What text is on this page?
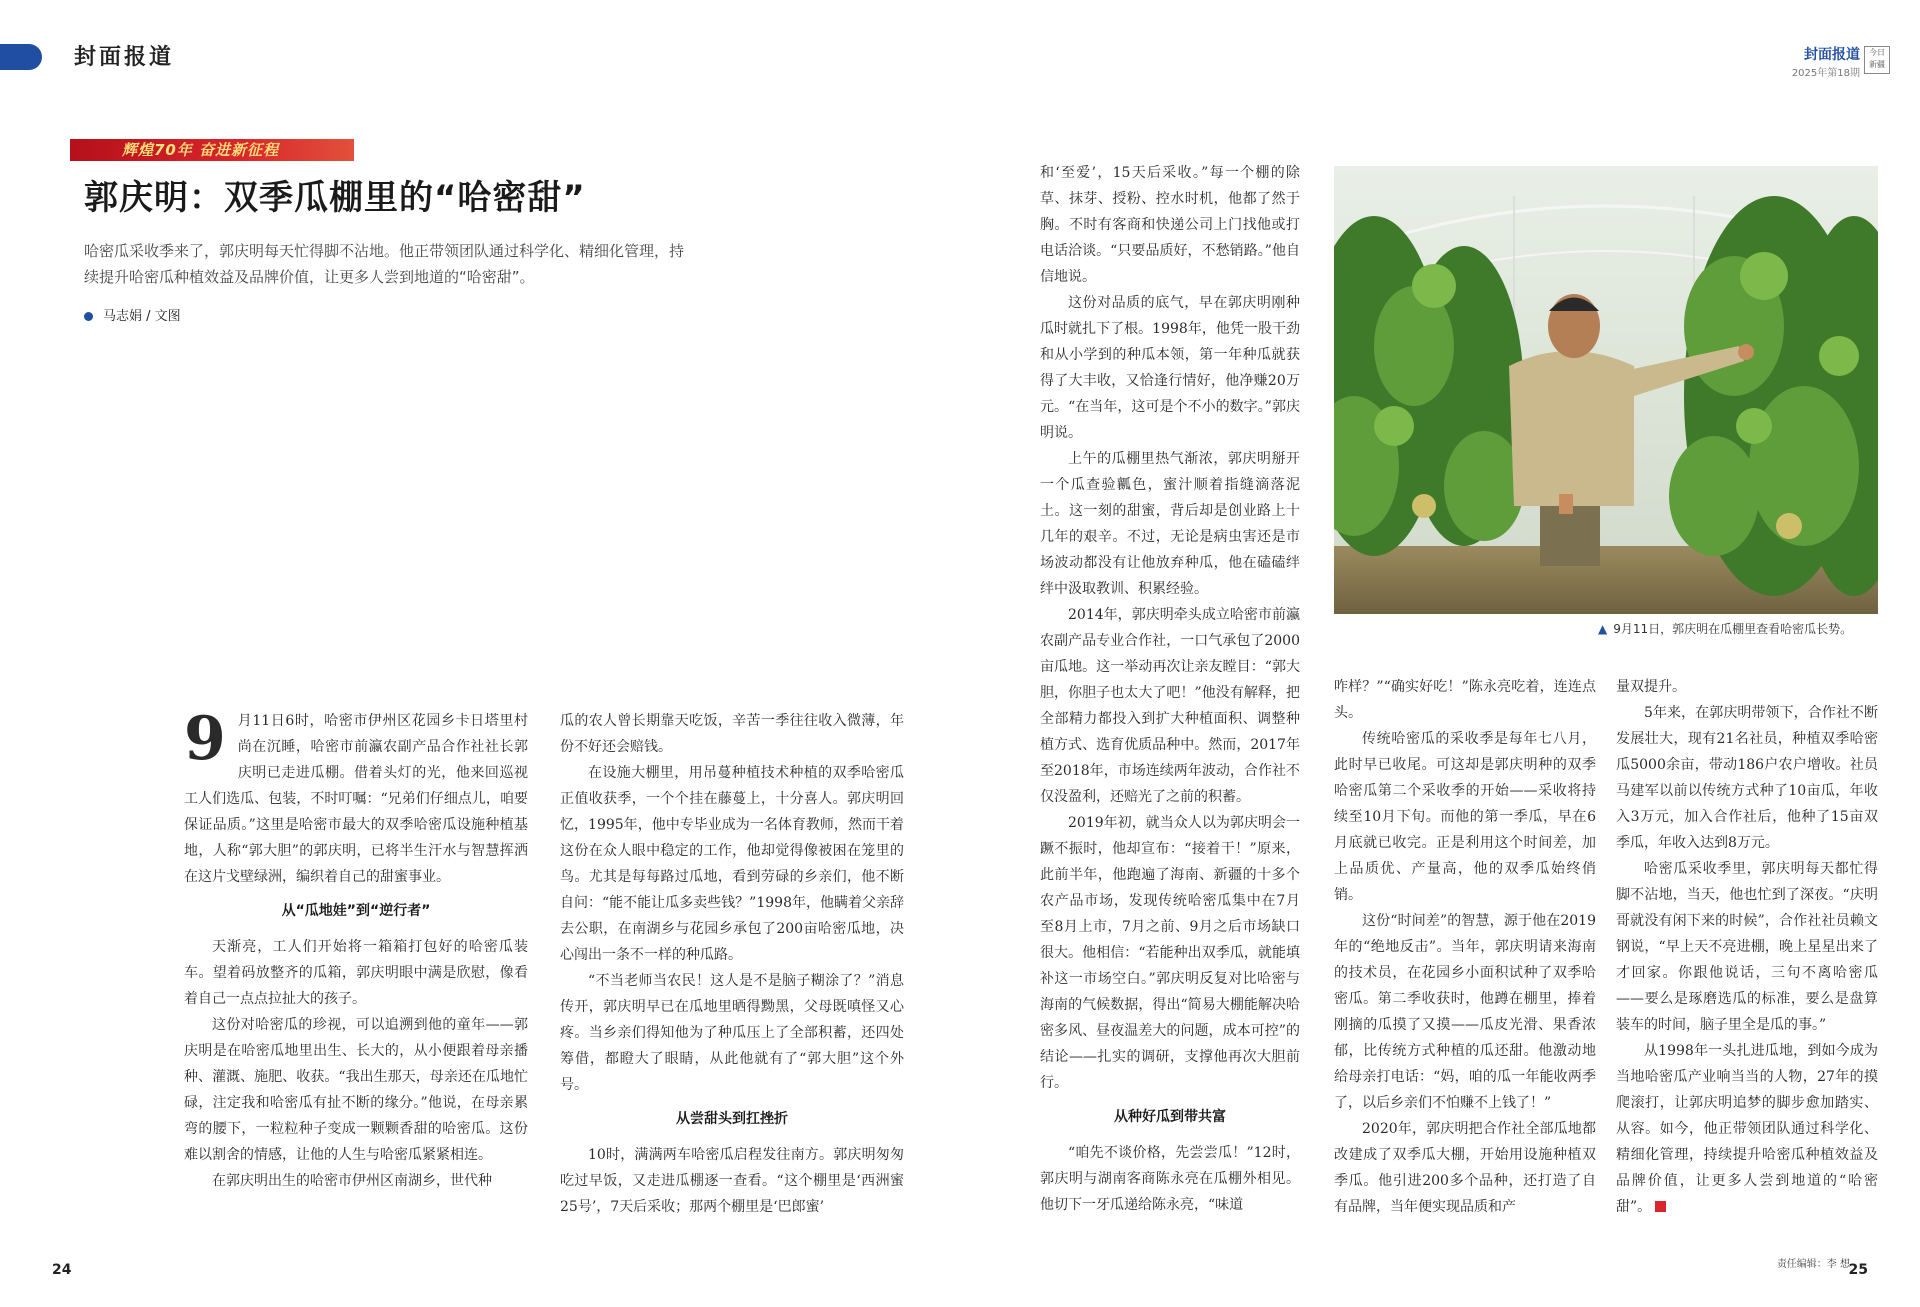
封面报道	封面报道
2025年第18期
今日
新疆
辉煌70年 奋进新征程
郭庆明：双季瓜棚里的“哈密甜”
哈密瓜采收季来了，郭庆明每天忙得脚不沾地。他正带领团队通过科学化、精细化管理，持续提升哈密瓜种植效益及品牌价值，让更多人尝到地道的“哈密甜”。
马志娟 / 文图
9 月11日6时，哈密市伊州区花园乡卡日塔里村尚在沉睡，哈密市前瀛农副产品合作社社长郭庆明已走进瓜棚。借着头灯的光，他来回巡视工人们选瓜、包装，不时叮嘱：“兄弟们仔细点儿，咱要保证品质。”这里是哈密市最大的双季哈密瓜设施种植基地，人称“郭大胆”的郭庆明，已将半生汗水与智慧挥洒在这片戈壁绿洲，编织着自己的甜蜜事业。

从“瓜地娃”到“逆行者”

天渐亮，工人们开始将一箱箱打包好的哈密瓜装车。望着码放整齐的瓜箱，郭庆明眼中满是欣慰，像看着自己一点点拉扯大的孩子。

这份对哈密瓜的珍视，可以追溯到他的童年——郭庆明是在哈密瓜地里出生、长大的，从小便跟着母亲播种、灌溉、施肥、收获。“我出生那天，母亲还在瓜地忙碌，注定我和哈密瓜有扯不断的缘分。”他说，在母亲累弯的腰下，一粒粒种子变成一颗颗香甜的哈密瓜。这份难以割舍的情感，让他的人生与哈密瓜紧紧相连。

在郭庆明出生的哈密市伊州区南湖乡，世代种

瓜的农人曾长期靠天吃饭，辛苦一季往往收入微薄，年份不好还会赔钱。

在设施大棚里，用吊蔓种植技术种植的双季哈密瓜正值收获季，一个个挂在藤蔓上，十分喜人。郭庆明回忆，1995年，他中专毕业成为一名体育教师，然而干着这份在众人眼中稳定的工作，他却觉得像被困在笼里的鸟。尤其是每每路过瓜地，看到劳碌的乡亲们，他不断自问：“能不能让瓜多卖些钱？”1998年，他瞒着父亲辞去公职，在南湖乡与花园乡承包了200亩哈密瓜地，决心闯出一条不一样的种瓜路。

“不当老师当农民！这人是不是脑子糊涂了？”消息传开，郭庆明早已在瓜地里晒得黝黑，父母既嗔怪又心疼。当乡亲们得知他为了种瓜压上了全部积蓄，还四处筹借，都瞪大了眼睛，从此他就有了“郭大胆”这个外号。

从尝甜头到扛挫折

10时，满满两车哈密瓜启程发往南方。郭庆明匆匆吃过早饭，又走进瓜棚逐一查看。“这个棚里是‘西洲蜜25号’，7天后采收；那两个棚里是‘巴郎蜜’

和‘至爱’，15天后采收。”每一个棚的除草、抹芽、授粉、控水时机，他都了然于胸。不时有客商和快递公司上门找他或打电话洽谈。“只要品质好，不愁销路。”他自信地说。

这份对品质的底气，早在郭庆明刚种瓜时就扎下了根。1998年，他凭一股干劲和从小学到的种瓜本领，第一年种瓜就获得了大丰收，又恰逢行情好，他净赚20万元。“在当年，这可是个不小的数字。”郭庆明说。

上午的瓜棚里热气渐浓，郭庆明掰开一个瓜查验瓤色，蜜汁顺着指缝滴落泥土。这一刻的甜蜜，背后却是创业路上十几年的艰辛。不过，无论是病虫害还是市场波动都没有让他放弃种瓜，他在磕磕绊绊中汲取教训、积累经验。

2014年，郭庆明牵头成立哈密市前瀛农副产品专业合作社，一口气承包了2000亩瓜地。这一举动再次让亲友瞠目：“郭大胆，你胆子也太大了吧！”他没有解释，把全部精力都投入到扩大种植面积、调整种植方式、选育优质品种中。然而，2017年至2018年，市场连续两年波动，合作社不仅没盈利，还赔光了之前的积蓄。

2019年初，就当众人以为郭庆明会一蹶不振时，他却宣布：“接着干！”原来，此前半年，他跑遍了海南、新疆的十多个农产品市场，发现传统哈密瓜集中在7月至8月上市，7月之前、9月之后市场缺口很大。他相信：“若能种出双季瓜，就能填补这一市场空白。”郭庆明反复对比哈密与海南的气候数据，得出“简易大棚能解决哈密多风、昼夜温差大的问题，成本可控”的结论——扎实的调研，支撑他再次大胆前行。

从种好瓜到带共富

“咱先不谈价格，先尝尝瓜！”12时，郭庆明与湖南客商陈永亮在瓜棚外相见。他切下一牙瓜递给陈永亮，“味道

▲ 9月11日，郭庆明在瓜棚里查看哈密瓜长势。

咋样？”“确实好吃！”陈永亮吃着，连连点头。

传统哈密瓜的采收季是每年七八月，此时早已收尾。可这却是郭庆明种的双季哈密瓜第二个采收季的开始——采收将持续至10月下旬。而他的第一季瓜，早在6月底就已收完。正是利用这个时间差，加上品质优、产量高，他的双季瓜始终俏销。

这份“时间差”的智慧，源于他在2019年的“绝地反击”。当年，郭庆明请来海南的技术员，在花园乡小面积试种了双季哈密瓜。第二季收获时，他蹲在棚里，捧着刚摘的瓜摸了又摸——瓜皮光滑、果香浓郁，比传统方式种植的瓜还甜。他激动地给母亲打电话：“妈，咱的瓜一年能收两季了，以后乡亲们不怕赚不上钱了！”

2020年，郭庆明把合作社全部瓜地都改建成了双季瓜大棚，开始用设施种植双季瓜。他引进200多个品种，还打造了自有品牌，当年便实现品质和产

量双提升。

5年来，在郭庆明带领下，合作社不断发展壮大，现有21名社员，种植双季哈密瓜5000余亩，带动186户农户增收。社员马建军以前以传统方式种了10亩瓜，年收入3万元，加入合作社后，他种了15亩双季瓜，年收入达到8万元。

哈密瓜采收季里，郭庆明每天都忙得脚不沾地，当天，他也忙到了深夜。“庆明哥就没有闲下来的时候”，合作社社员赖文钢说，“早上天不亮进棚，晚上星星出来了才回家。你跟他说话，三句不离哈密瓜——要么是琢磨选瓜的标准，要么是盘算装车的时间，脑子里全是瓜的事。”

从1998年一头扎进瓜地，到如今成为当地哈密瓜产业响当当的人物，27年的摸爬滚打，让郭庆明追梦的脚步愈加踏实、从容。如今，他正带领团队通过科学化、精细化管理，持续提升哈密瓜种植效益及品牌价值，让更多人尝到地道的“哈密甜”。

责任编辑：李 想
24	25
